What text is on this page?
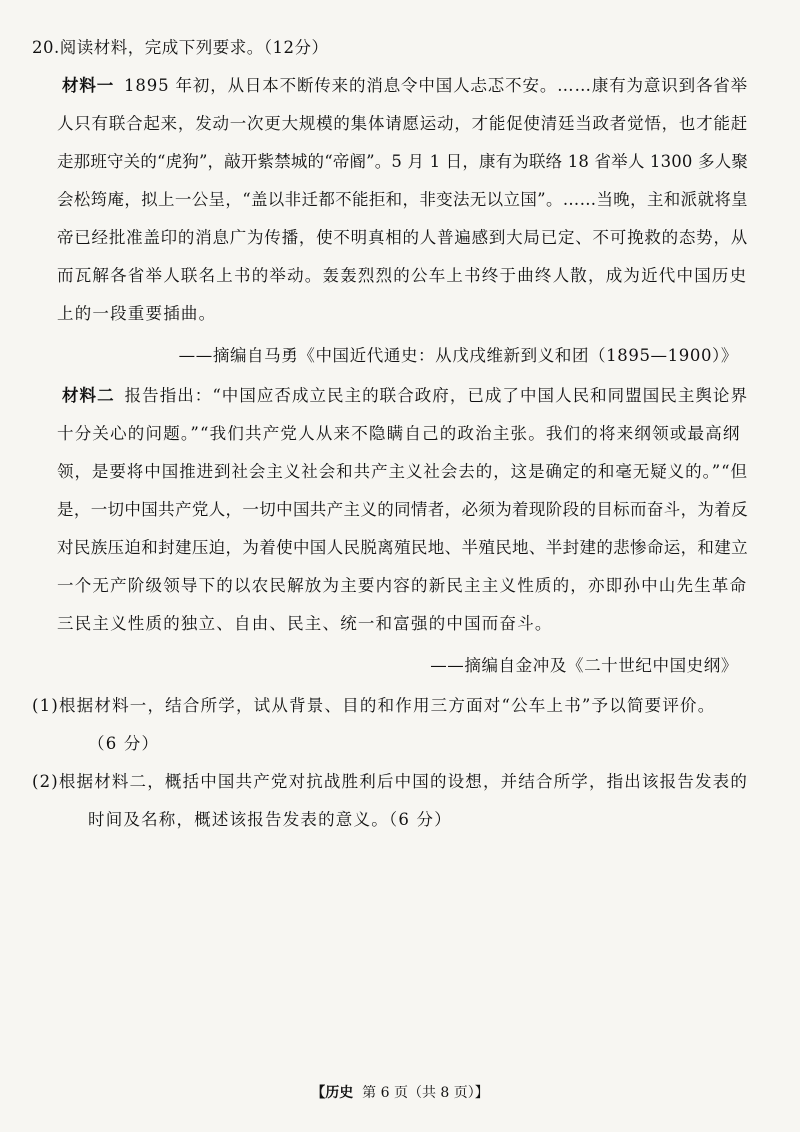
20.阅读材料，完成下列要求。（12分）
材料一 1895 年初，从日本不断传来的消息令中国人忐忑不安。……康有为意识到各省举
人只有联合起来，发动一次更大规模的集体请愿运动，才能促使清廷当政者觉悟，也才能赶
走那班守关的“虎狗”，敲开紫禁城的“帝阍”。5 月 1 日，康有为联络 18 省举人 1300 多人聚
会松筠庵，拟上一公呈，“盖以非迁都不能拒和，非变法无以立国”。……当晚，主和派就将皇
帝已经批准盖印的消息广为传播，使不明真相的人普遍感到大局已定、不可挽救的态势，从
而瓦解各省举人联名上书的举动。轰轰烈烈的公车上书终于曲终人散，成为近代中国历史
上的一段重要插曲。
——摘编自马勇《中国近代通史：从戊戌维新到义和团（1895—1900）》
材料二 报告指出：“中国应否成立民主的联合政府，已成了中国人民和同盟国民主舆论界
十分关心的问题。”“我们共产党人从来不隐瞒自己的政治主张。我们的将来纲领或最高纲
领，是要将中国推进到社会主义社会和共产主义社会去的，这是确定的和毫无疑义的。”“但
是，一切中国共产党人，一切中国共产主义的同情者，必须为着现阶段的目标而奋斗，为着反
对民族压迫和封建压迫，为着使中国人民脱离殖民地、半殖民地、半封建的悲惨命运，和建立
一个无产阶级领导下的以农民解放为主要内容的新民主主义性质的，亦即孙中山先生革命
三民主义性质的独立、自由、民主、统一和富强的中国而奋斗。
——摘编自金冲及《二十世纪中国史纲》
(1)根据材料一，结合所学，试从背景、目的和作用三方面对“公车上书”予以简要评价。
（6 分）
(2)根据材料二，概括中国共产党对抗战胜利后中国的设想，并结合所学，指出该报告发表的
时间及名称，概述该报告发表的意义。（6 分）
【历史 第 6 页（共 8 页）】
